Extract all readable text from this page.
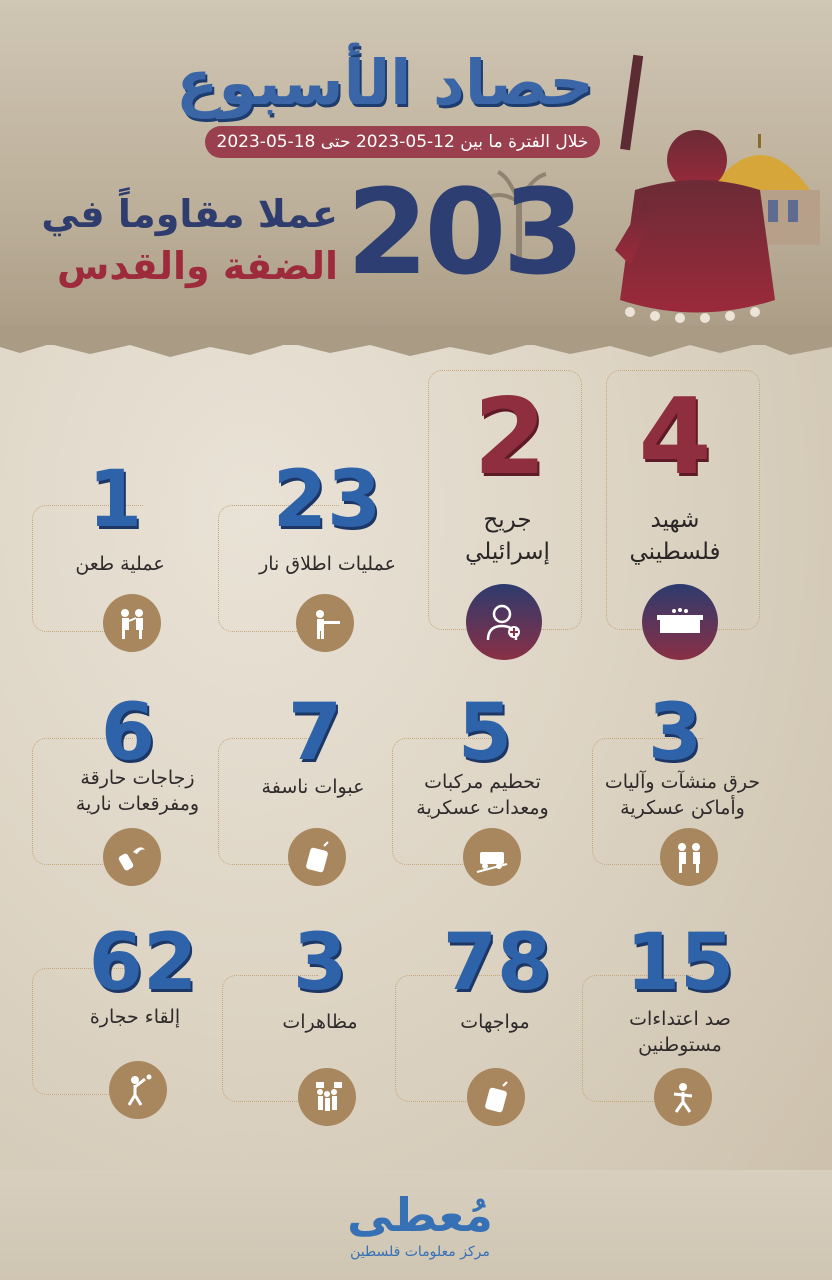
حصاد الأسبوع
خلال الفترة ما بين 12-05-2023 حتى 18-05-2023
203
عملا مقاوماً في
الضفة والقدس
4
شهيد
فلسطيني
2
جريح
إسرائيلي
23
عمليات اطلاق نار
1
عملية طعن
3
حرق منشآت وآليات
وأماكن عسكرية
5
تحطيم مركبات
ومعدات عسكرية
7
عبوات ناسفة
6
زجاجات حارقة
ومفرقعات نارية
15
صد اعتداءات
مستوطنين
78
مواجهات
3
مظاهرات
62
إلقاء حجارة
مُعطى
مركز معلومات فلسطين
